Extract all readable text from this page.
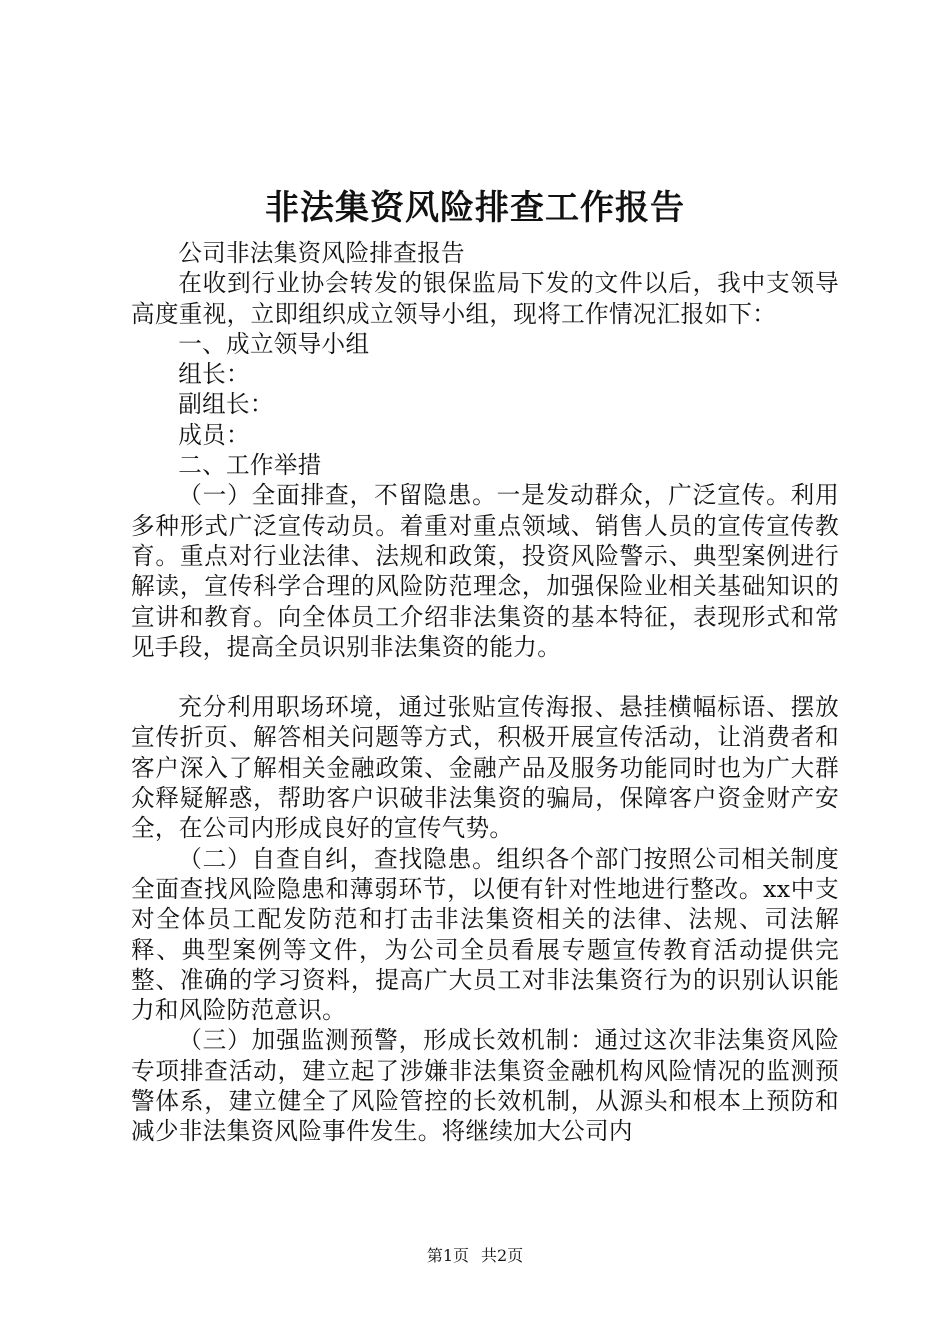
非法集资风险排查工作报告

公司非法集资风险排查报告

在收到行业协会转发的银保监局下发的文件以后，我中支领导高度重视，立即组织成立领导小组，现将工作情况汇报如下：

一、成立领导小组

组长：

副组长：

成员：

二、工作举措

（一）全面排查，不留隐患。一是发动群众，广泛宣传。利用多种形式广泛宣传动员。着重对重点领域、销售人员的宣传宣传教育。重点对行业法律、法规和政策，投资风险警示、典型案例进行解读，宣传科学合理的风险防范理念，加强保险业相关基础知识的宣讲和教育。向全体员工介绍非法集资的基本特征，表现形式和常见手段，提高全员识别非法集资的能力。

充分利用职场环境，通过张贴宣传海报、悬挂横幅标语、摆放宣传折页、解答相关问题等方式，积极开展宣传活动，让消费者和客户深入了解相关金融政策、金融产品及服务功能同时也为广大群众释疑解惑，帮助客户识破非法集资的骗局，保障客户资金财产安全，在公司内形成良好的宣传气势。

（二）自查自纠，查找隐患。组织各个部门按照公司相关制度全面查找风险隐患和薄弱环节，以便有针对性地进行整改。xx中支对全体员工配发防范和打击非法集资相关的法律、法规、司法解释、典型案例等文件，为公司全员看展专题宣传教育活动提供完整、准确的学习资料，提高广大员工对非法集资行为的识别认识能力和风险防范意识。

（三）加强监测预警，形成长效机制：通过这次非法集资风险专项排查活动，建立起了涉嫌非法集资金融机构风险情况的监测预警体系，建立健全了风险管控的长效机制，从源头和根本上预防和减少非法集资风险事件发生。将继续加大公司内

第1页 共2页
